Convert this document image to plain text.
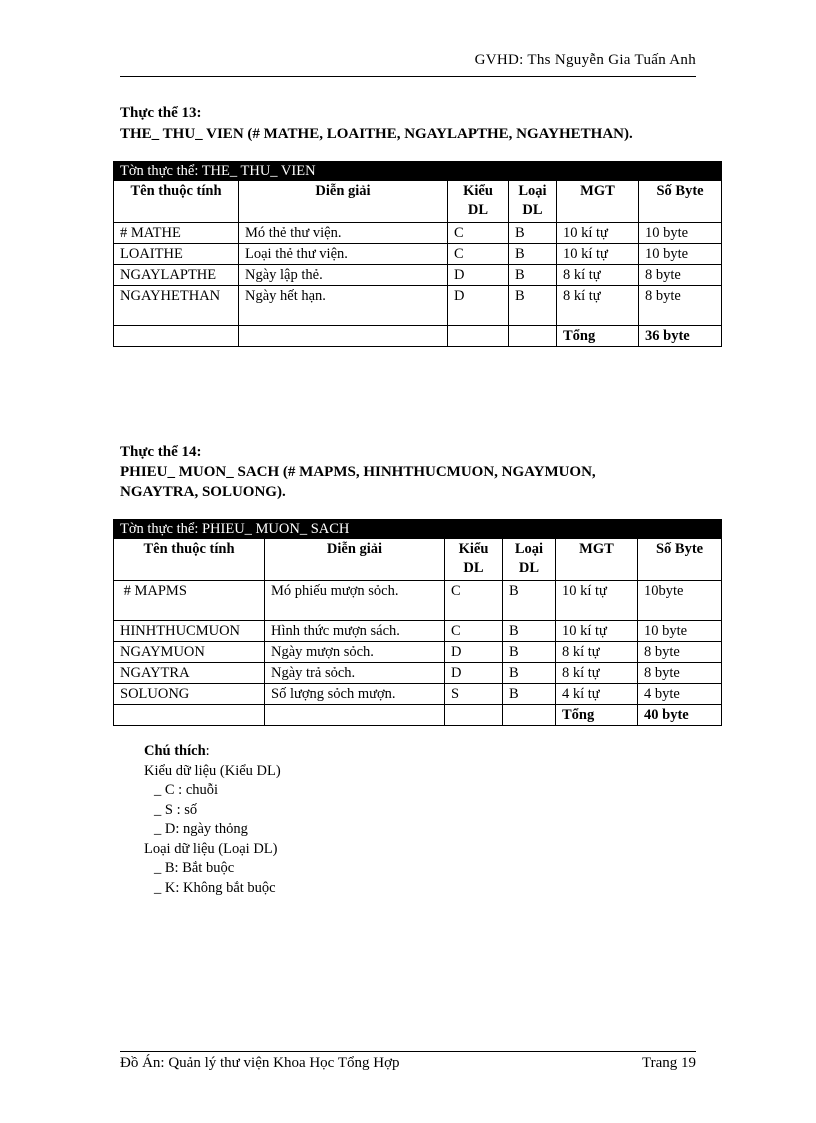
GVHD: Ths Nguyễn Gia Tuấn Anh
Thực thể 13:
THE_ THU_ VIEN (# MATHE, LOAITHE, NGAYLAPTHE, NGAYHETHAN).
Tờn thực thể: THE_ THU_ VIEN					
Tên thuộc tính	Diễn giải	Kiểu DL	Loại DL	MGT	Số Byte
# MATHE	Mó thẻ thư viện.	C	B	10 kí tự	10 byte
LOAITHE	Loại thẻ thư viện.	C	B	10 kí tự	10 byte
NGAYLAPTHE	Ngày lập thẻ.	D	B	8 kí tự	8 byte
NGAYHETHAN	Ngày hết hạn.	D	B	8 kí tự	8 byte
				Tổng	36 byte
Thực thể 14:
PHIEU_ MUON_ SACH (# MAPMS, HINHTHUCMUON, NGAYMUON, NGAYTRA, SOLUONG).
Tờn thực thể: PHIEU_ MUON_ SACH					
Tên thuộc tính	Diễn giải	Kiểu DL	Loại DL	MGT	Số Byte
# MAPMS	Mó phiếu mượn sỏch.	C	B	10 kí tự	10byte
HINHTHUCMUON	Hình thức mượn sách.	C	B	10 kí tự	10 byte
NGAYMUON	Ngày mượn sỏch.	D	B	8 kí tự	8 byte
NGAYTRA	Ngày trả sỏch.	D	B	8 kí tự	8 byte
SOLUONG	Số lượng sỏch mượn.	S	B	4 kí tự	4 byte
				Tổng	40 byte
Chú thích:
Kiểu dữ liệu (Kiểu DL)
_ C : chuỗi
_ S : số
_ D: ngày thỏng
Loại dữ liệu (Loại DL)
_ B: Bắt buộc
_ K: Không bắt buộc
Đồ Án: Quản lý thư viện Khoa Học Tổng Hợp	Trang 19
